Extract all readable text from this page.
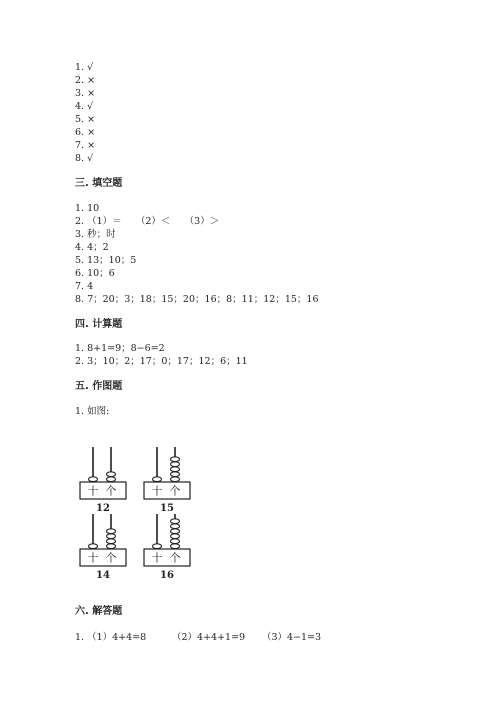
1. √
2. ×
3. ×
4. √
5. ×
6. ×
7. ×
8. √
三. 填空题
1. 10
2. （1）＝　　（2）＜　　（3）＞
3. 秒；时
4. 4；2
5. 13；10；5
6. 10；6
7. 4
8. 7；20；3；18；15；20；16；8；11；12；15；16
四. 计算题
1. 8+1=9；8−6=2
2. 3；10；2；17；0；17；12；6；11
五. 作图题
1. 如图:
十 个
12
十 个
15
十 个
14
十 个
16
六. 解答题
1. （1）4+4=8	（2）4+4+1=9 （3）4−1=3
